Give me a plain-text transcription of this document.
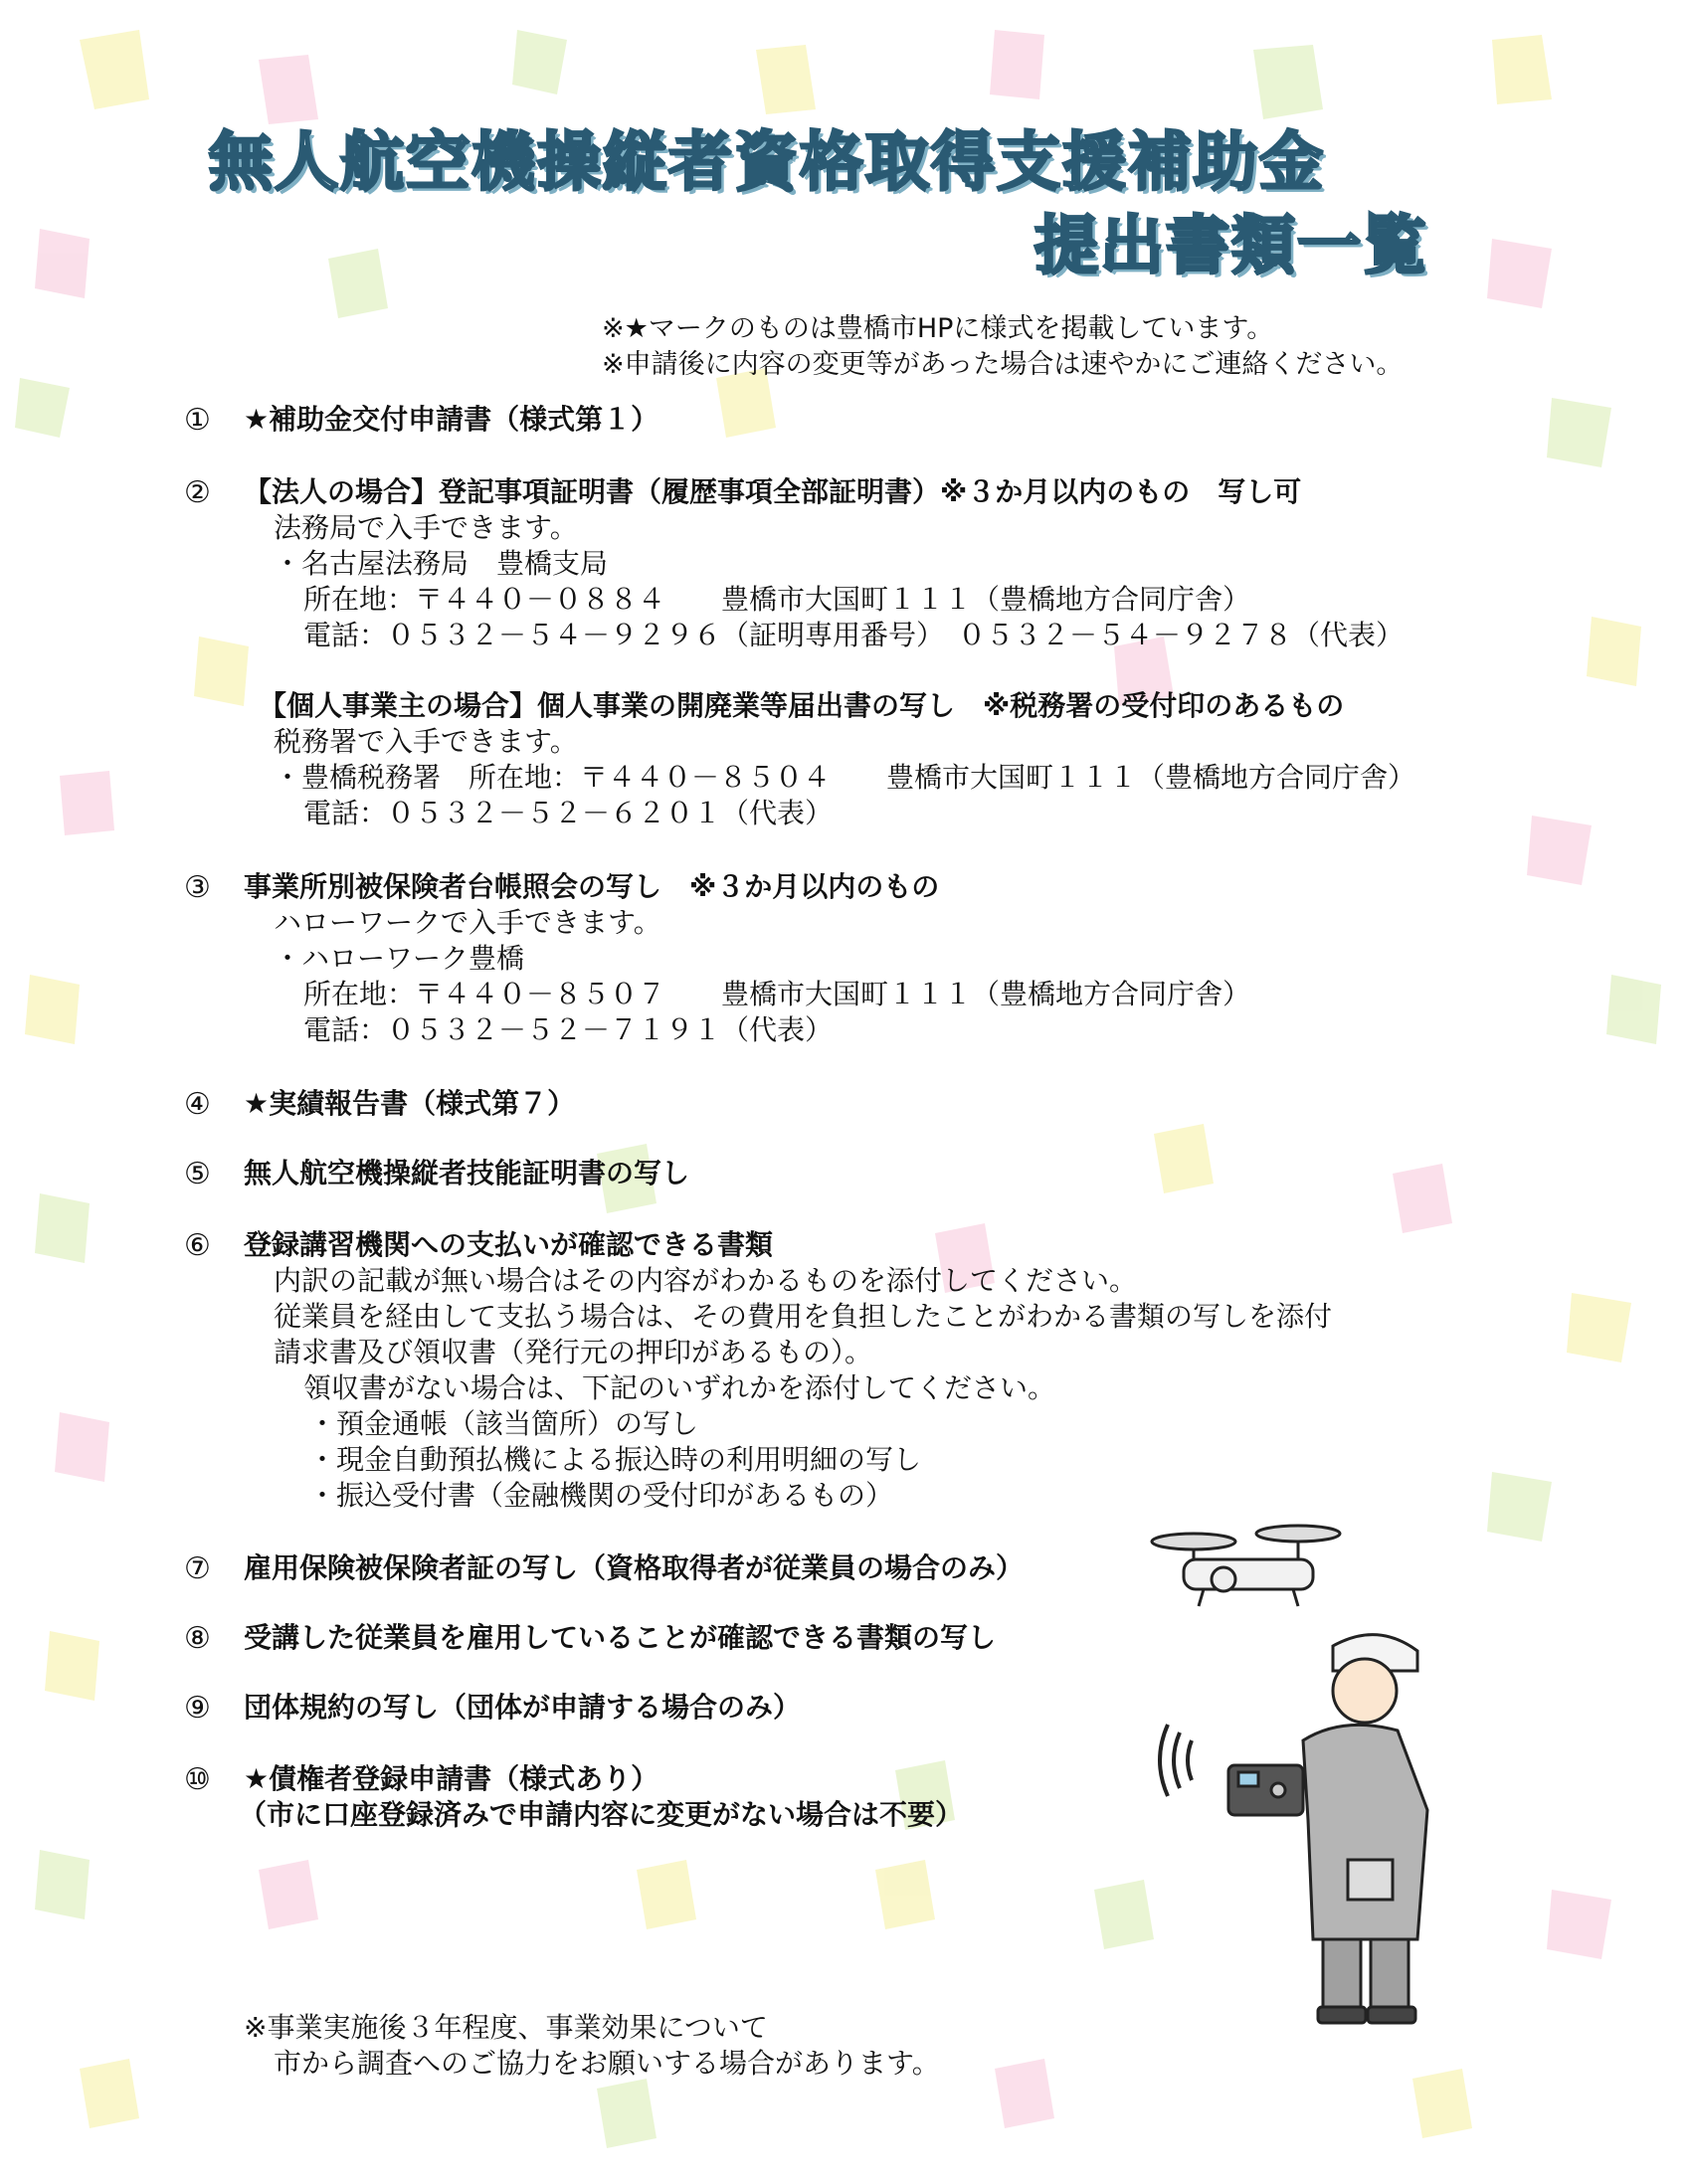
無人航空機操縦者資格取得支援補助金
提出書類一覧
※★マークのものは豊橋市HPに様式を掲載しています。
※申請後に内容の変更等があった場合は速やかにご連絡ください。
① ★補助金交付申請書（様式第１）
② 【法人の場合】登記事項証明書（履歴事項全部証明書）※３か月以内のもの　写し可
法務局で入手できます。
・名古屋法務局　豊橋支局
所在地：〒４４０－０８８４　　豊橋市大国町１１１（豊橋地方合同庁舎）
電話：０５３２－５４－９２９６（証明専用番号）　０５３２－５４－９２７８（代表）
【個人事業主の場合】個人事業の開廃業等届出書の写し　※税務署の受付印のあるもの
税務署で入手できます。
・豊橋税務署　所在地：〒４４０－８５０４　　豊橋市大国町１１１（豊橋地方合同庁舎）
電話：０５３２－５２－６２０１（代表）
③ 事業所別被保険者台帳照会の写し　※３か月以内のもの
ハローワークで入手できます。
・ハローワーク豊橋
所在地：〒４４０－８５０７　　豊橋市大国町１１１（豊橋地方合同庁舎）
電話：０５３２－５２－７１９１（代表）
④ ★実績報告書（様式第７）
⑤ 無人航空機操縦者技能証明書の写し
⑥ 登録講習機関への支払いが確認できる書類
内訳の記載が無い場合はその内容がわかるものを添付してください。
従業員を経由して支払う場合は、その費用を負担したことがわかる書類の写しを添付
請求書及び領収書（発行元の押印があるもの）。
領収書がない場合は、下記のいずれかを添付してください。
・預金通帳（該当箇所）の写し
・現金自動預払機による振込時の利用明細の写し
・振込受付書（金融機関の受付印があるもの）
⑦ 雇用保険被保険者証の写し（資格取得者が従業員の場合のみ）
⑧ 受講した従業員を雇用していることが確認できる書類の写し
⑨ 団体規約の写し（団体が申請する場合のみ）
⑩ ★債権者登録申請書（様式あり）
（市に口座登録済みで申請内容に変更がない場合は不要）
※事業実施後３年程度、事業効果について
市から調査へのご協力をお願いする場合があります。
